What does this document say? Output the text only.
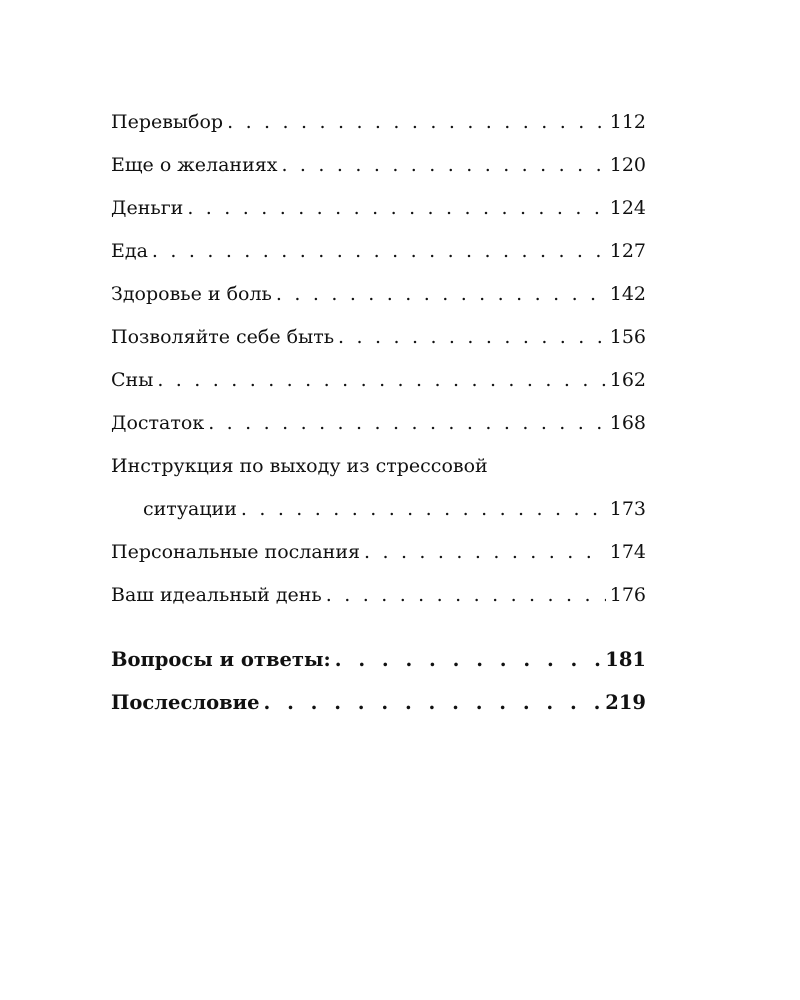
Перевыбор . . .	112
Еще о желаниях . . .	120
Деньги . . .	124
Еда . . .	127
Здоровье и боль . . .	142
Позволяйте себе быть . . .	156
Сны . . .	162
Достаток . . .	168
Инструкция по выходу из стрессовой
ситуации . . .	173
Персональные послания . . .	174
Ваш идеальный день . . .	176
Вопросы и ответы: . . .	181
Послесловие . . .	219
